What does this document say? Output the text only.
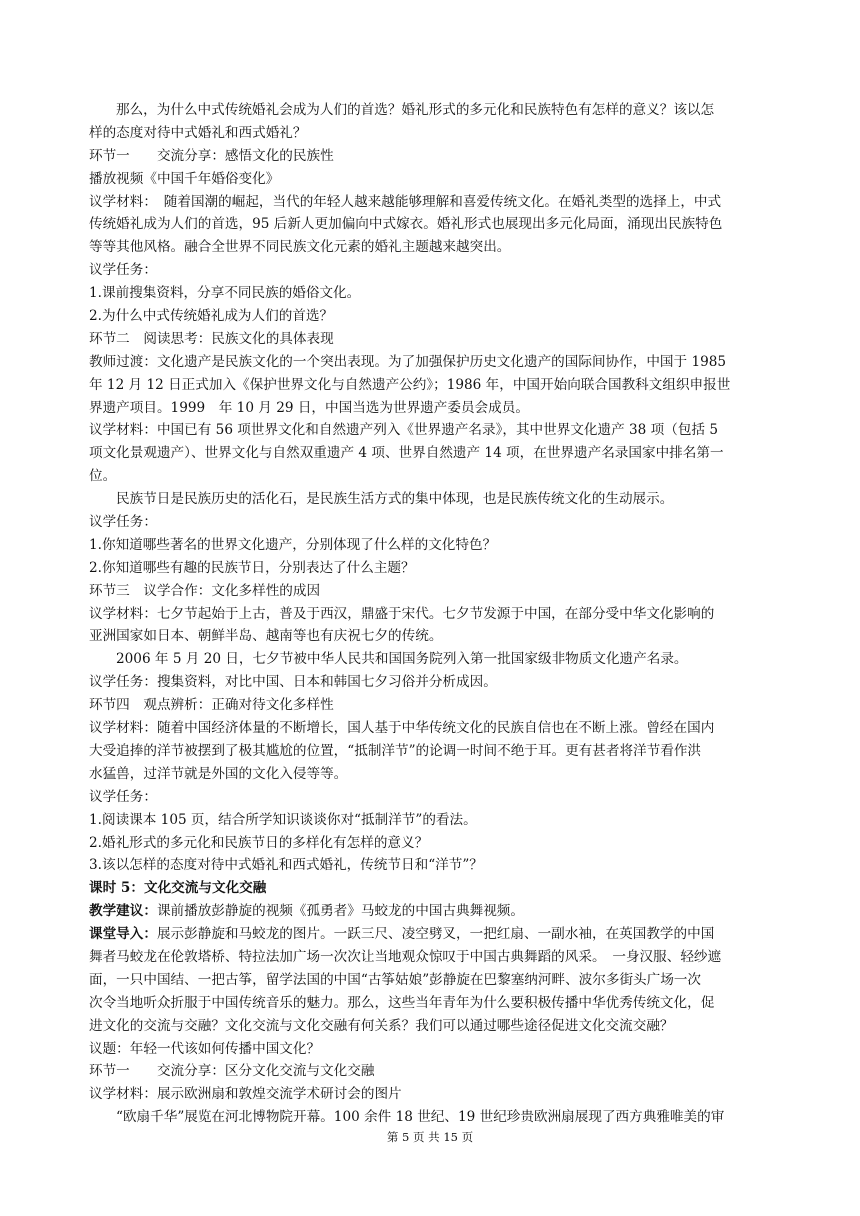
那么，为什么中式传统婚礼会成为人们的首选？婚礼形式的多元化和民族特色有怎样的意义？该以怎
样的态度对待中式婚礼和西式婚礼？
环节一　　交流分享：感悟文化的民族性
播放视频《中国千年婚俗变化》
议学材料：　随着国潮的崛起，当代的年轻人越来越能够理解和喜爱传统文化。在婚礼类型的选择上，中式
传统婚礼成为人们的首选，95 后新人更加偏向中式嫁衣。婚礼形式也展现出多元化局面，涌现出民族特色
等等其他风格。融合全世界不同民族文化元素的婚礼主题越来越突出。
议学任务：
1.课前搜集资料，分享不同民族的婚俗文化。
2.为什么中式传统婚礼成为人们的首选？
环节二　阅读思考：民族文化的具体表现
教师过渡：文化遗产是民族文化的一个突出表现。为了加强保护历史文化遗产的国际间协作，中国于 1985
年 12 月 12 日正式加入《保护世界文化与自然遗产公约》；1986 年，中国开始向联合国教科文组织申报世
界遗产项目。1999　年 10 月 29 日，中国当选为世界遗产委员会成员。
议学材料：中国已有 56 项世界文化和自然遗产列入《世界遗产名录》，其中世界文化遗产 38 项（包括 5
项文化景观遗产）、世界文化与自然双重遗产 4 项、世界自然遗产 14 项，在世界遗产名录国家中排名第一
位。
民族节日是民族历史的活化石，是民族生活方式的集中体现，也是民族传统文化的生动展示。
议学任务：
1.你知道哪些著名的世界文化遗产，分别体现了什么样的文化特色？
2.你知道哪些有趣的民族节日，分别表达了什么主题？
环节三　议学合作：文化多样性的成因
议学材料：七夕节起始于上古，普及于西汉，鼎盛于宋代。七夕节发源于中国，在部分受中华文化影响的
亚洲国家如日本、朝鲜半岛、越南等也有庆祝七夕的传统。
2006 年 5 月 20 日，七夕节被中华人民共和国国务院列入第一批国家级非物质文化遗产名录。
议学任务：搜集资料，对比中国、日本和韩国七夕习俗并分析成因。
环节四　观点辨析：正确对待文化多样性
议学材料：随着中国经济体量的不断增长，国人基于中华传统文化的民族自信也在不断上涨。曾经在国内
大受追捧的洋节被摆到了极其尴尬的位置，“抵制洋节”的论调一时间不绝于耳。更有甚者将洋节看作洪
水猛兽，过洋节就是外国的文化入侵等等。
议学任务：
1.阅读课本 105 页，结合所学知识谈谈你对“抵制洋节”的看法。
2.婚礼形式的多元化和民族节日的多样化有怎样的意义？
3.该以怎样的态度对待中式婚礼和西式婚礼，传统节日和“洋节”？
课时 5：文化交流与文化交融
教学建议：课前播放彭静旋的视频《孤勇者》马蛟龙的中国古典舞视频。
课堂导入：展示彭静旋和马蛟龙的图片。一跃三尺、凌空劈叉，一把红扇、一副水袖，在英国教学的中国
舞者马蛟龙在伦敦塔桥、特拉法加广场一次次让当地观众惊叹于中国古典舞蹈的风采。　一身汉服、轻纱遮
面，一只中国结、一把古筝，留学法国的中国“古筝姑娘”彭静旋在巴黎塞纳河畔、波尔多街头广场一次
次令当地听众折服于中国传统音乐的魅力。那么，这些当年青年为什么要积极传播中华优秀传统文化，促
进文化的交流与交融？文化交流与文化交融有何关系？我们可以通过哪些途径促进文化交流交融？
议题：年轻一代该如何传播中国文化？
环节一　　交流分享：区分文化交流与文化交融
议学材料：展示欧洲扇和敦煌交流学术研讨会的图片
“欧扇千华”展览在河北博物院开幕。100 余件 18 世纪、19 世纪珍贵欧洲扇展现了西方典雅唯美的审
第 5 页 共 15 页
